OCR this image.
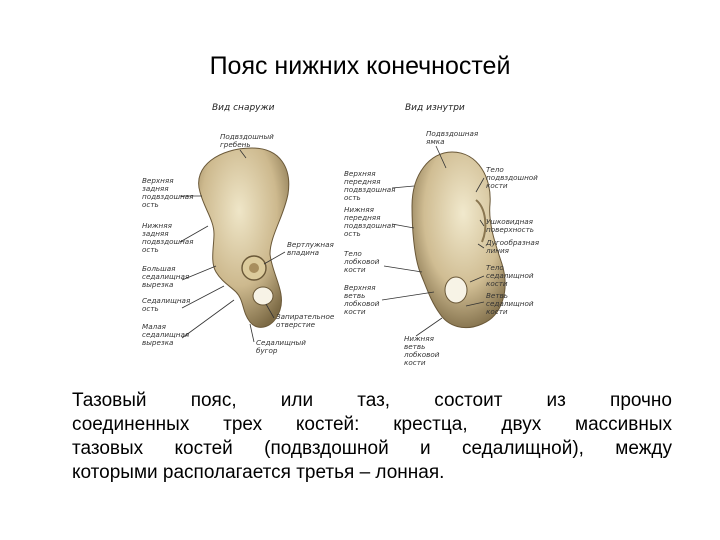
Пояс нижних конечностей
Вид снаружи	Вид изнутри
Подвздошный гребень
Верхняя задняя подвздошная ость
Нижняя задняя подвздошная ость
Большая седалищная вырезка
Седалищная ость
Малая седалищная вырезка
Вертлужная впадина
Запирательное отверстие
Седалищный бугор
Подвздошная ямка
Верхняя передняя подвздошная ость
Нижняя передняя подвздошная ость
Тело лобковой кости
Верхняя ветвь лобковой кости
Нижняя ветвь лобковой кости
Тело подвздошной кости
Ушковидная поверхность
Дугообразная линия
Тело седалищной кости
Ветвь седалищной кости
Тазовый пояс, или таз, состоит из прочно
соединенных трех костей: крестца, двух массивных
тазовых костей (подвздошной и седалищной), между
которыми располагается третья – лонная.
